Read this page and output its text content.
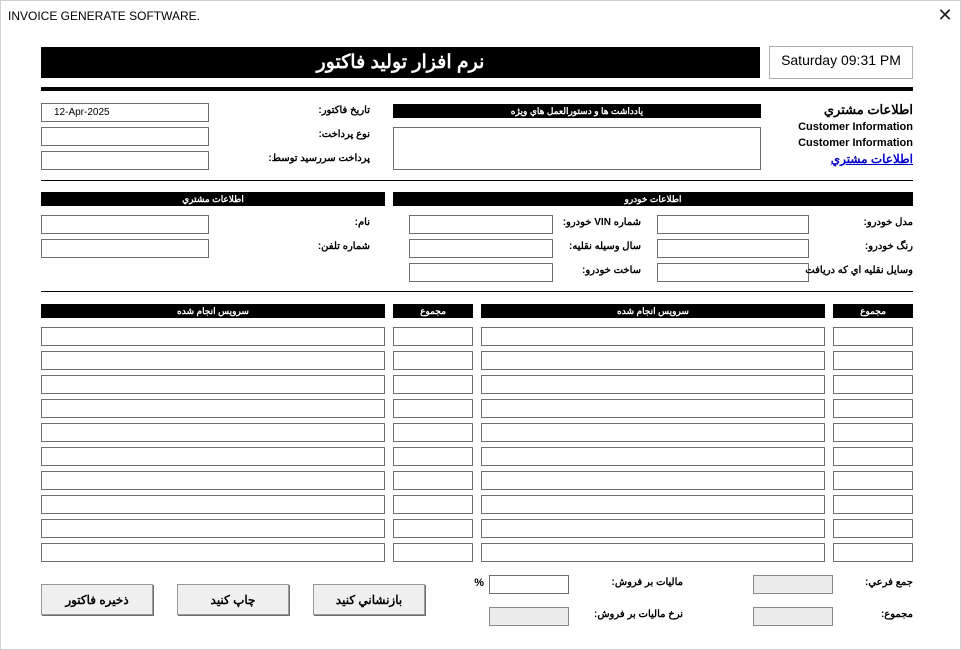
INVOICE GENERATE SOFTWARE.	✕
نرم افزار تولید فاکتور	Saturday 09:31 PM
12-Apr-2025	تاريخ فاکتور:
نوع پرداخت:
پرداخت سررسید توسط:
يادداشت ها و دستورالعمل هاي ويژه	اطلاعات مشتري
Customer Information
Customer Information
اطلاعات مشتري
اطلاعات مشتري
نام:
شماره تلفن:
اطلاعات خودرو
شماره VIN خودرو:
سال وسيله نقليه:
ساخت خودرو:
مدل خودرو:
رنگ خودرو:
وسایل نقلیه اي كه دريافت
سرويس انجام شده	مجموع	سرويس انجام شده	مجموع
ذخيره فاکتور	چاپ كنيد	بازنشاني كنيد
%	ماليات بر فروش:
نرخ ماليات بر فروش:
جمع فرعي:
مجموع:
